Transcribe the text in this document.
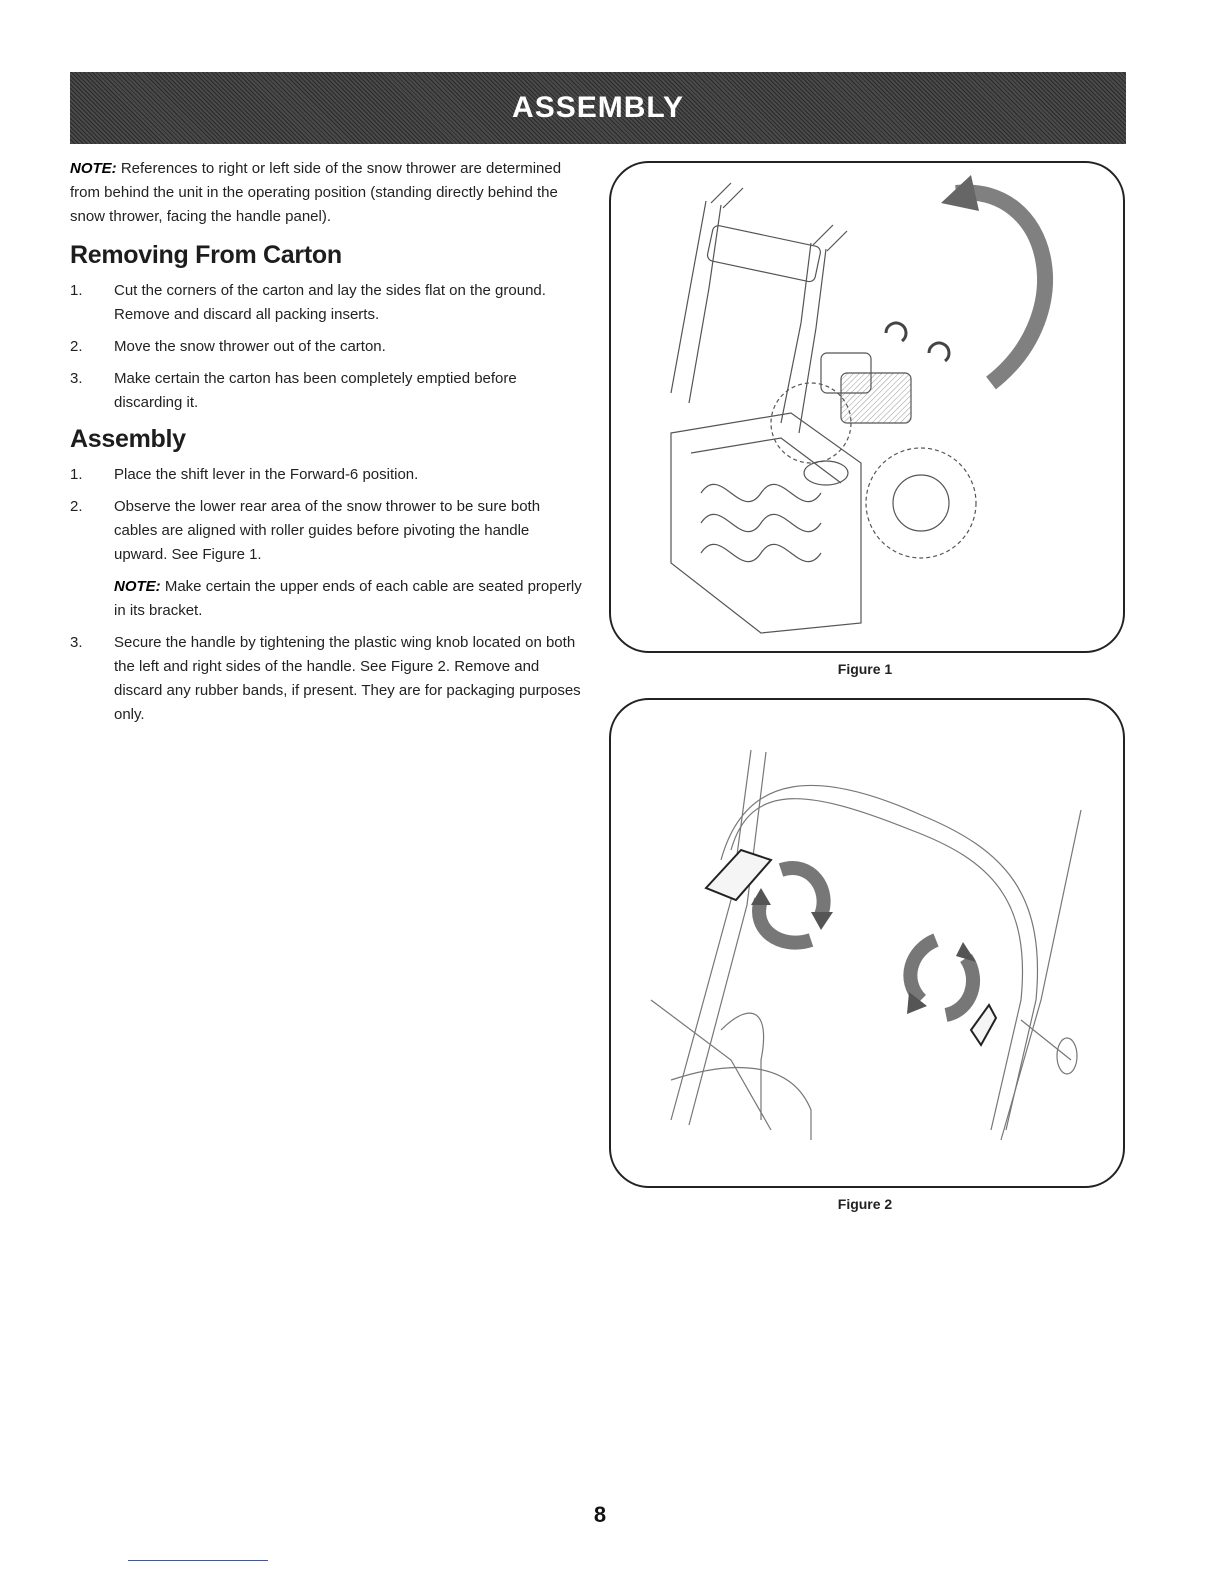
ASSEMBLY

NOTE: References to right or left side of the snow thrower are determined from behind the unit in the operating position (standing directly behind the snow thrower, facing the handle panel).

Removing From Carton
1.	Cut the corners of the carton and lay the sides flat on the ground. Remove and discard all packing inserts.
2.	Move the snow thrower out of the carton.
3.	Make certain the carton has been completely emptied before discarding it.
Assembly
1.	Place the shift lever in the Forward-6 position.
2.	Observe the lower rear area of the snow thrower to be sure both cables are aligned with roller guides before pivoting the handle upward. See Figure 1.

NOTE: Make certain the upper ends of each cable are seated properly in its bracket.

3.	Secure the handle by tightening the plastic wing knob located on both the left and right sides of the handle. See Figure 2. Remove and discard any rubber bands, if present. They are for packaging purposes only.
Figure 1
Figure 2
8
